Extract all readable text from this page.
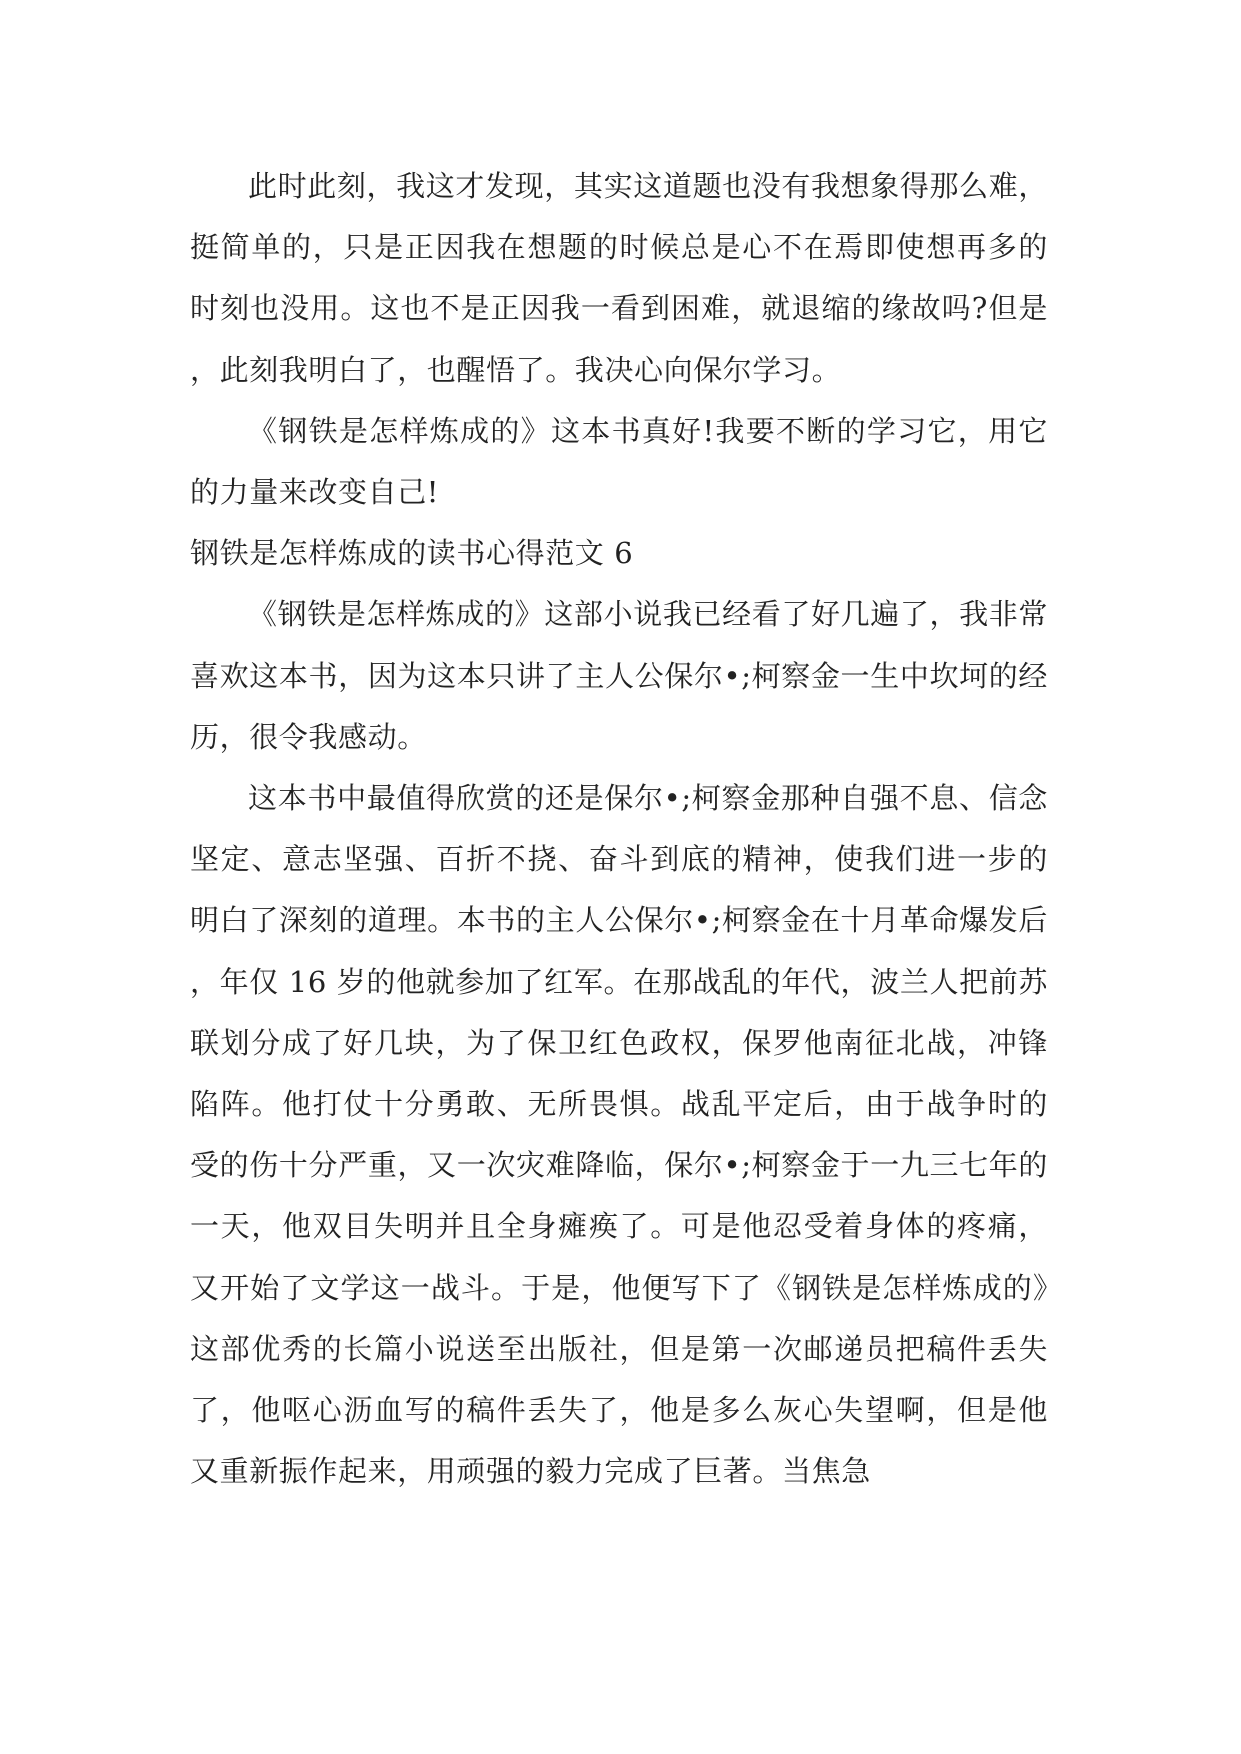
此时此刻，我这才发现，其实这道题也没有我想象得那么难，挺简单的，只是正因我在想题的时候总是心不在焉即使想再多的时刻也没用。这也不是正因我一看到困难，就退缩的缘故吗?但是，此刻我明白了，也醒悟了。我决心向保尔学习。

《钢铁是怎样炼成的》这本书真好!我要不断的学习它，用它的力量来改变自己!

钢铁是怎样炼成的读书心得范文 6

《钢铁是怎样炼成的》这部小说我已经看了好几遍了，我非常喜欢这本书，因为这本只讲了主人公保尔•;柯察金一生中坎坷的经历，很令我感动。

这本书中最值得欣赏的还是保尔•;柯察金那种自强不息、信念坚定、意志坚强、百折不挠、奋斗到底的精神，使我们进一步的明白了深刻的道理。本书的主人公保尔•;柯察金在十月革命爆发后，年仅 16 岁的他就参加了红军。在那战乱的年代，波兰人把前苏联划分成了好几块，为了保卫红色政权，保罗他南征北战，冲锋陷阵。他打仗十分勇敢、无所畏惧。战乱平定后，由于战争时的受的伤十分严重，又一次灾难降临，保尔•;柯察金于一九三七年的一天，他双目失明并且全身瘫痪了。可是他忍受着身体的疼痛，又开始了文学这一战斗。于是，他便写下了《钢铁是怎样炼成的》这部优秀的长篇小说送至出版社，但是第一次邮递员把稿件丢失了，他呕心沥血写的稿件丢失了，他是多么灰心失望啊，但是他又重新振作起来，用顽强的毅力完成了巨著。当焦急
